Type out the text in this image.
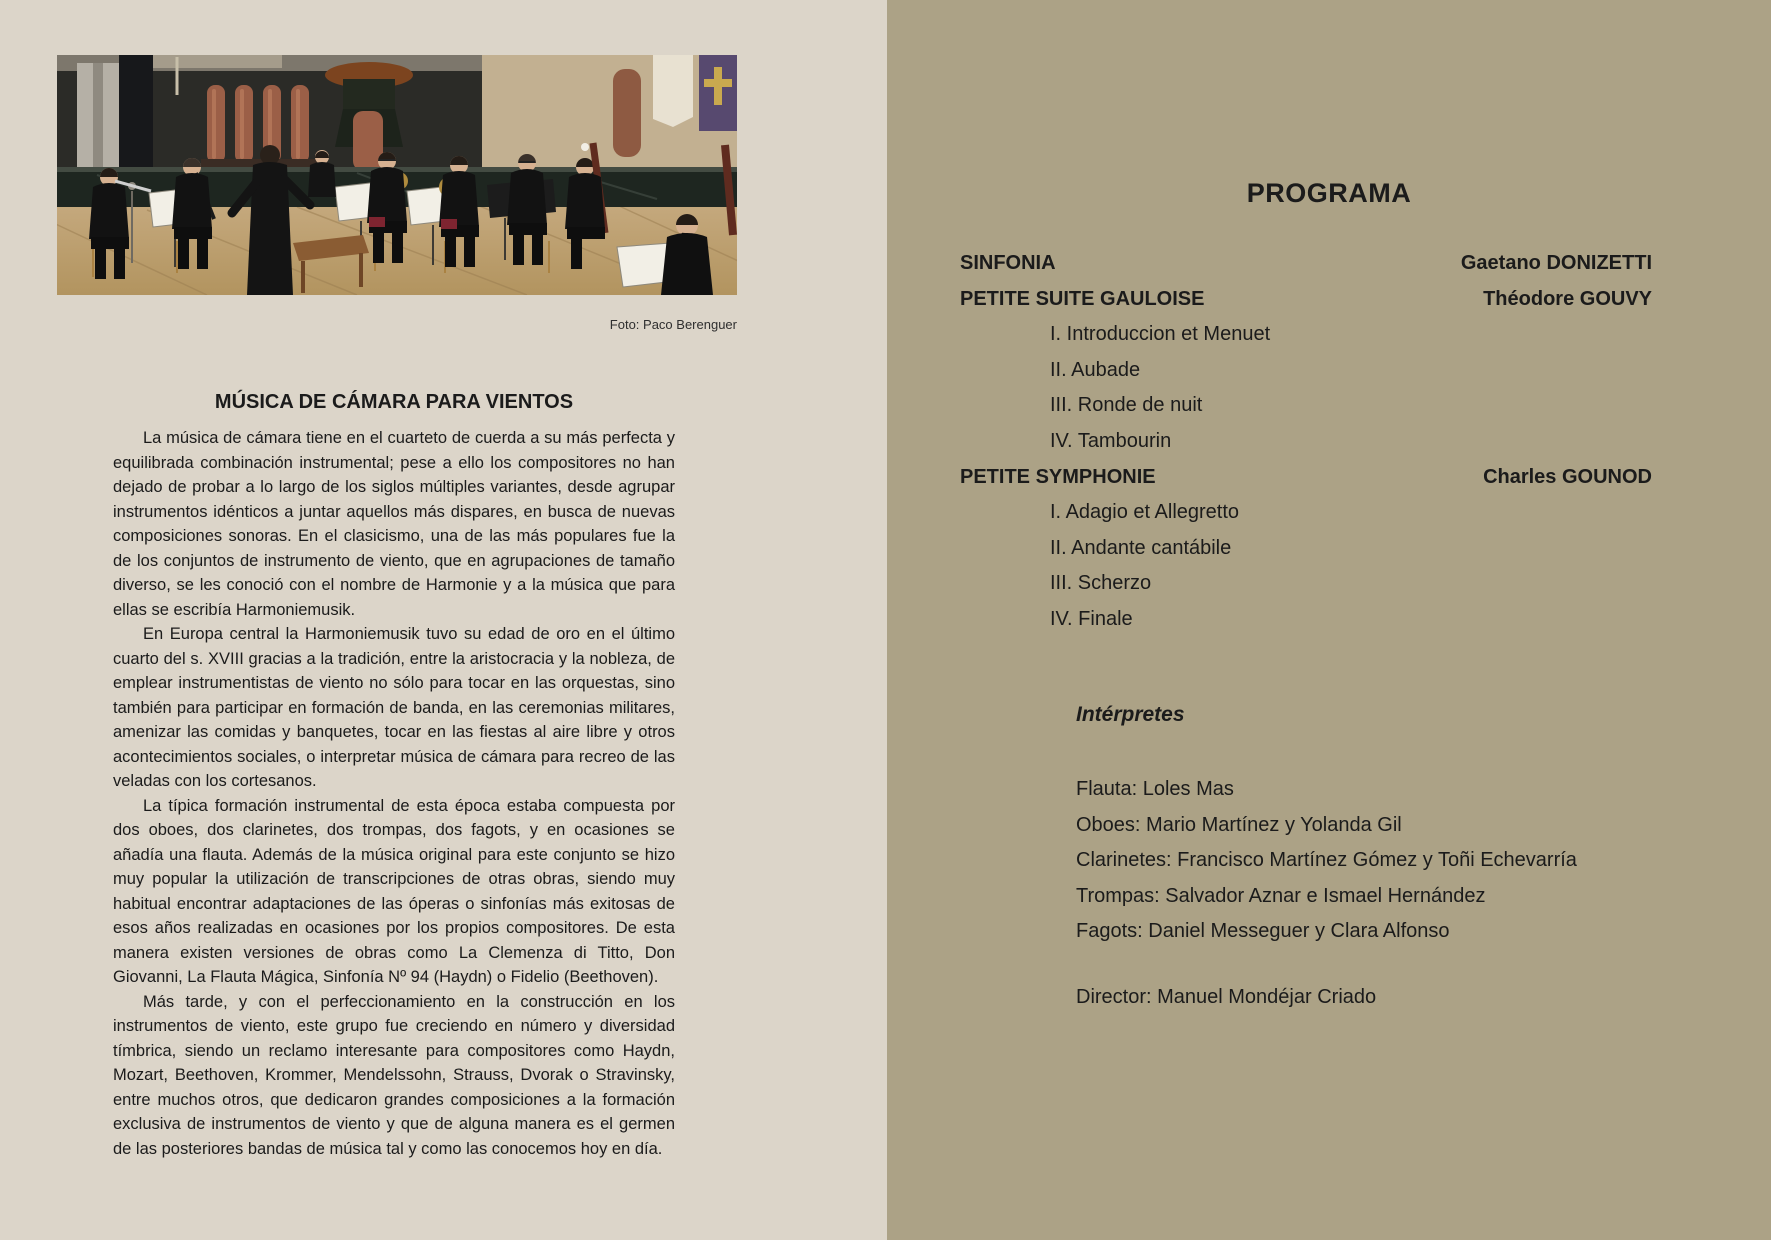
Foto: Paco Berenguer
MÚSICA DE CÁMARA PARA VIENTOS

La música de cámara tiene en el cuarteto de cuerda a su más perfecta y equilibrada combinación instrumental; pese a ello los compositores no han dejado de probar a lo largo de los siglos múltiples variantes, desde agrupar instrumentos idénticos a juntar aquellos más dispares, en busca de nuevas composiciones sonoras. En el clasicismo, una de las más populares fue la de los conjuntos de instrumento de viento, que en agrupaciones de tamaño diverso, se les conoció con el nombre de Harmonie y a la música que para ellas se escribía Harmoniemusik.

En Europa central la Harmoniemusik tuvo su edad de oro en el último cuarto del s. XVIII gracias a la tradición, entre la aristocracia y la nobleza, de emplear instrumentistas de viento no sólo para tocar en las orquestas, sino también para participar en formación de banda, en las ceremonias militares, amenizar las comidas y banquetes, tocar en las fiestas al aire libre y otros acontecimientos sociales, o interpretar música de cámara para recreo de las veladas con los cortesanos.

La típica formación instrumental de esta época estaba compuesta por dos oboes, dos clarinetes, dos trompas, dos fagots, y en ocasiones se añadía una flauta. Además de la música original para este conjunto se hizo muy popular la utilización de transcripciones de otras obras, siendo muy habitual encontrar adaptaciones de las óperas o sinfonías más exitosas de esos años realizadas en ocasiones por los propios compositores. De esta manera existen versiones de obras como La Clemenza di Titto, Don Giovanni, La Flauta Mágica, Sinfonía Nº 94 (Haydn) o Fidelio (Beethoven).

Más tarde, y con el perfeccionamiento en la construcción en los instrumentos de viento, este grupo fue creciendo en número y diversidad tímbrica, siendo un reclamo interesante para compositores como Haydn, Mozart, Beethoven, Krommer, Mendelssohn, Strauss, Dvorak o Stravinsky, entre muchos otros, que dedicaron grandes composiciones a la formación exclusiva de instrumentos de viento y que de alguna manera es el germen de las posteriores bandas de música tal y como las conocemos hoy en día.

PROGRAMA
SINFONIA	Gaetano DONIZETTI
PETITE SUITE GAULOISE	Théodore GOUVY
I. Introduccion et Menuet
II. Aubade
III. Ronde de nuit
IV. Tambourin
PETITE SYMPHONIE	Charles GOUNOD
I. Adagio et Allegretto
II. Andante cantábile
III. Scherzo
IV. Finale
Intérpretes
Flauta: Loles Mas
Oboes: Mario Martínez y Yolanda Gil
Clarinetes: Francisco Martínez Gómez y Toñi Echevarría
Trompas: Salvador Aznar e Ismael Hernández
Fagots: Daniel Messeguer y Clara Alfonso
Director: Manuel Mondéjar Criado
